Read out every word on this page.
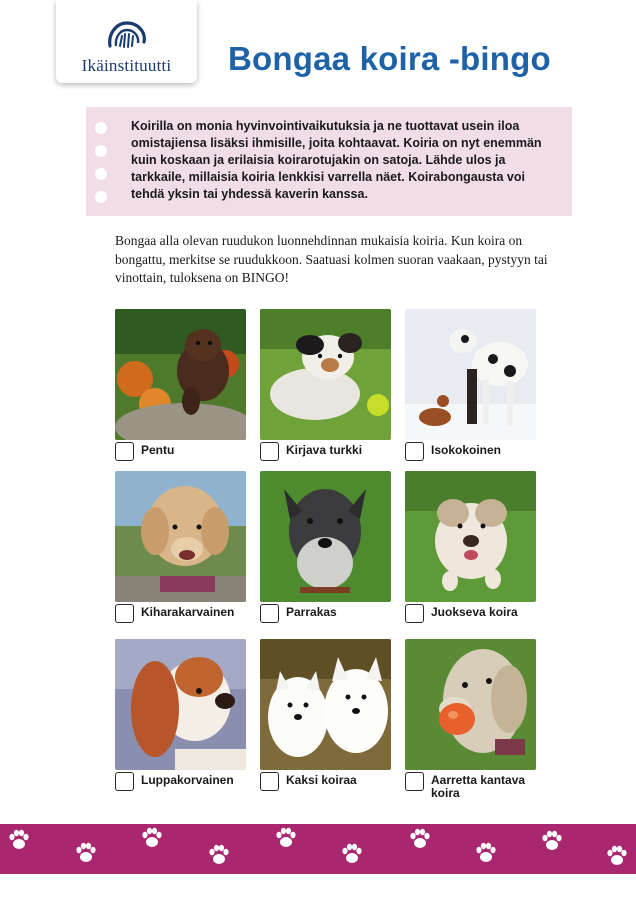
Ikäinstituutti	Bongaa koira -bingo
Koirilla on monia hyvinvointivaikutuksia ja ne tuottavat usein iloa omistajiensa lisäksi ihmisille, joita kohtaavat. Koiria on nyt enemmän kuin koskaan ja erilaisia koirarotujakin on satoja. Lähde ulos ja tarkkaile, millaisia koiria lenkkisi varrella näet. Koirabongausta voi tehdä yksin tai yhdessä kaverin kanssa.
Bongaa alla olevan ruudukon luonnehdinnan mukaisia koiria. Kun koira on bongattu, merkitse se ruudukkoon. Saatuasi kolmen suoran vaakaan, pystyyn tai vinottain, tuloksena on BINGO!
Pentu	Kirjava turkki	Isokokoinen
Kiharakarvainen	Parrakas	Juokseva koira
Luppakorvainen	Kaksi koiraa	Aarretta kantava koira
